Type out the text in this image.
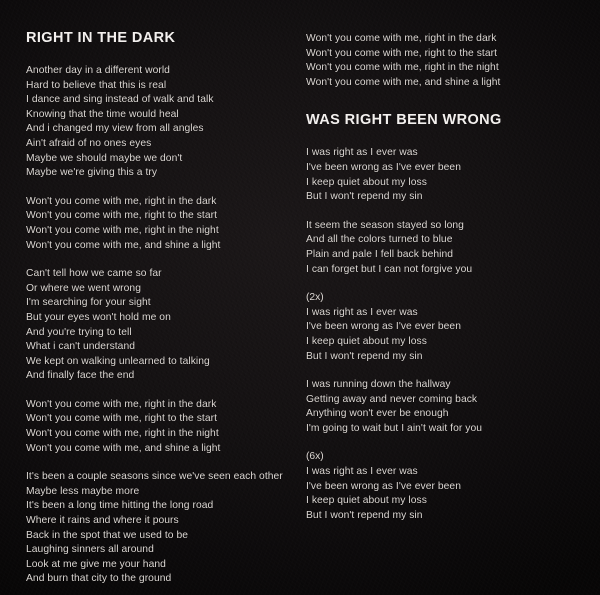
RIGHT IN THE DARK
Another day in a different world
Hard to believe that this is real
I dance and sing instead of walk and talk
Knowing that the time would heal
And i changed my view from all angles
Ain't afraid of no ones eyes
Maybe we should maybe we don't
Maybe we're giving this a try
Won't you come with me, right in the dark
Won't you come with me, right to the start
Won't you come with me, right in the night
Won't you come with me, and shine a light
Can't tell how we came so far
Or where we went wrong
I'm searching for your sight
But your eyes won't hold me on
And you're trying to tell
What i can't understand
We kept on walking unlearned to talking
And finally face the end
Won't you come with me, right in the dark
Won't you come with me, right to the start
Won't you come with me, right in the night
Won't you come with me, and shine a light
It's been a couple seasons since we've seen each other
Maybe less maybe more
It's been a long time hitting the long road
Where it rains and where it pours
Back in the spot that we used to be
Laughing sinners all around
Look at me give me your hand
And burn that city to the ground
Won't you come with me, right in the dark
Won't you come with me, right to the start
Won't you come with me, right in the night
Won't you come with me, and shine a light
WAS RIGHT BEEN WRONG
I was right as I ever was
I've been wrong as I've ever been
I keep quiet about my loss
But I won't repend my sin
It seem the season stayed so long
And all the colors turned to blue
Plain and pale I fell back behind
I can forget but I can not forgive you
(2x)
I was right as I ever was
I've been wrong as I've ever been
I keep quiet about my loss
But I won't repend my sin
I was running down the hallway
Getting away and never coming back
Anything won't ever be enough
I'm going to wait but I ain't wait for you
(6x)
I was right as I ever was
I've been wrong as I've ever been
I keep quiet about my loss
But I won't repend my sin
